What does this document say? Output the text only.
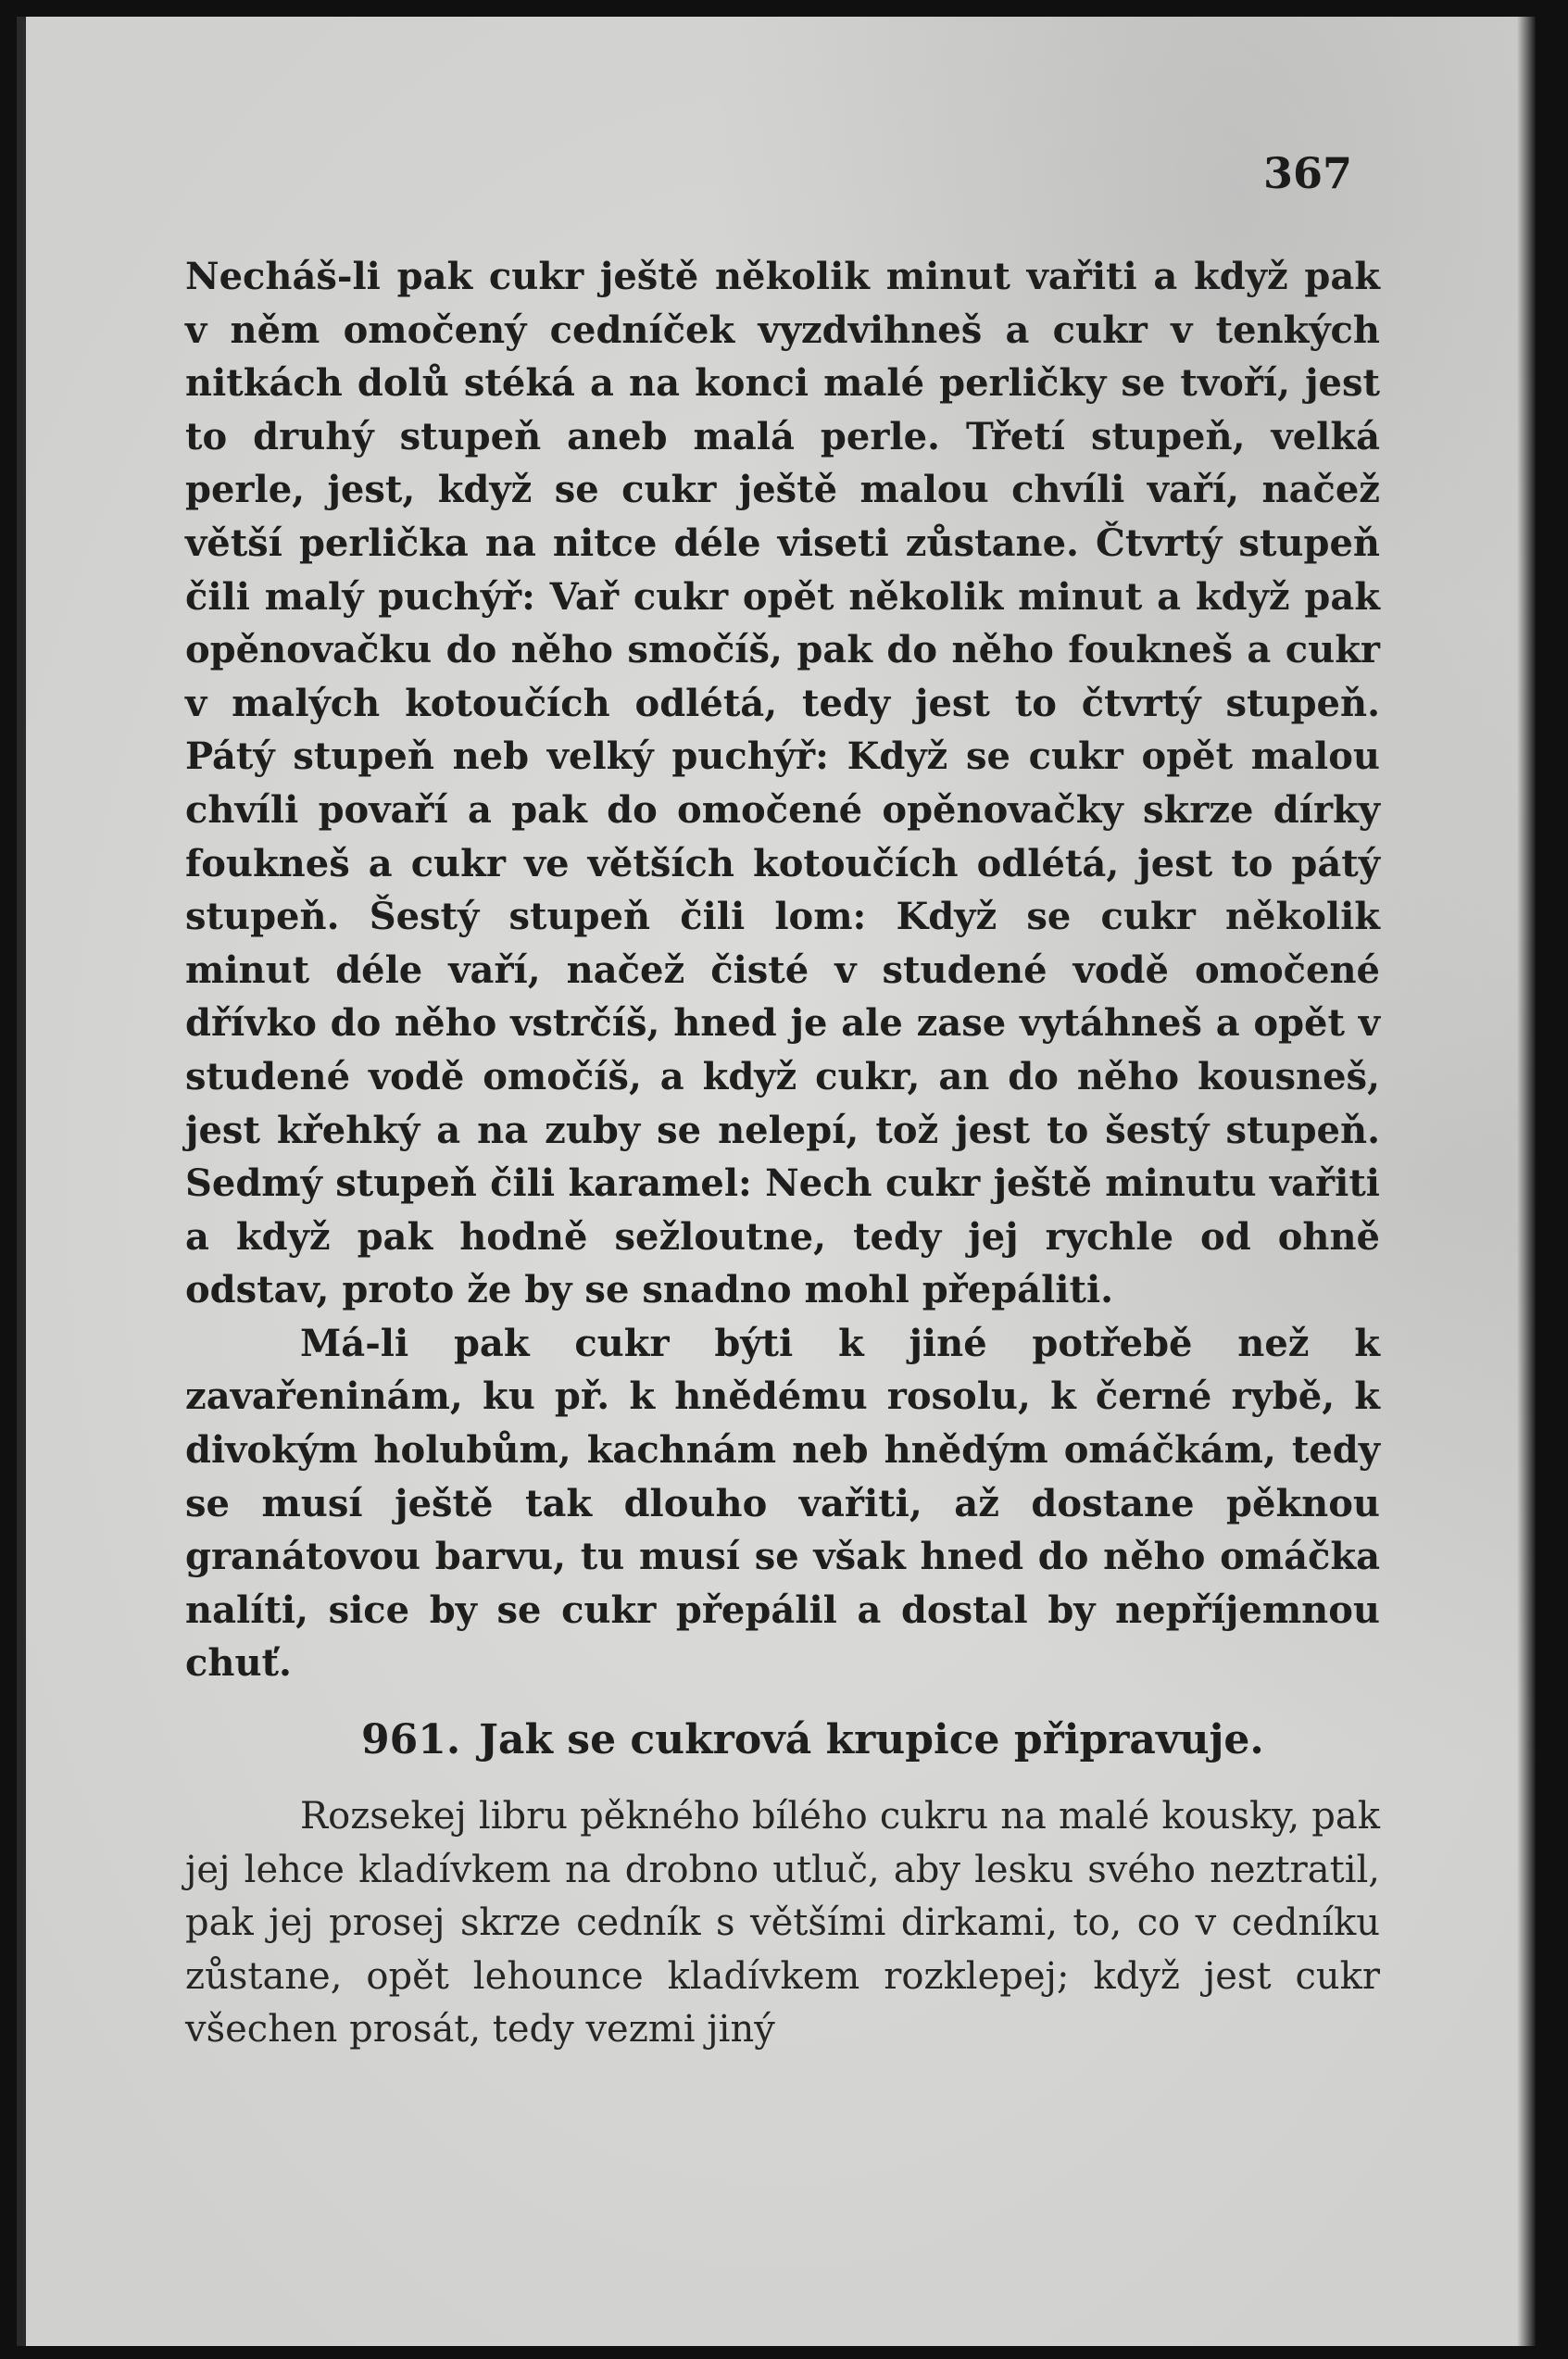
367

Necháš-li pak cukr ještě několik minut vařiti a když pak v něm omočený cedníček vyzdvihneš a cukr v tenkých nitkách dolů stéká a na konci malé perličky se tvoří, jest to druhý stupeň aneb malá perle. Třetí stupeň, velká perle, jest, když se cukr ještě malou chvíli vaří, načež větší perlička na nitce déle viseti zůstane. Čtvrtý stupeň čili malý puchýř: Vař cukr opět několik minut a když pak opěnovačku do něho smočíš, pak do něho foukneš a cukr v malých kotoučích odlétá, tedy jest to čtvrtý stupeň. Pátý stupeň neb velký puchýř: Když se cukr opět malou chvíli povaří a pak do omočené opěnovačky skrze dírky foukneš a cukr ve větších kotoučích odlétá, jest to pátý stupeň. Šestý stupeň čili lom: Když se cukr několik minut déle vaří, načež čisté v studené vodě omočené dřívko do něho vstrčíš, hned je ale zase vytáhneš a opět v studené vodě omočíš, a když cukr, an do něho kousneš, jest křehký a na zuby se nelepí, tož jest to šestý stupeň. Sedmý stupeň čili karamel: Nech cukr ještě minutu vařiti a když pak hodně sežloutne, tedy jej rychle od ohně odstav, proto že by se snadno mohl přepáliti.

Má-li pak cukr býti k jiné potřebě než k zavařeninám, ku př. k hnědému rosolu, k černé rybě, k divokým holubům, kachnám neb hnědým omáčkám, tedy se musí ještě tak dlouho vařiti, až dostane pěknou granátovou barvu, tu musí se však hned do něho omáčka nalíti, sice by se cukr přepálil a dostal by nepříjemnou chuť.

961. Jak se cukrová krupice připravuje.

Rozsekej libru pěkného bílého cukru na malé kousky, pak jej lehce kladívkem na drobno utluč, aby lesku svého neztratil, pak jej prosej skrze cedník s většími dirkami, to, co v cedníku zůstane, opět lehounce kladívkem rozklepej; když jest cukr všechen prosát, tedy vezmi jiný
